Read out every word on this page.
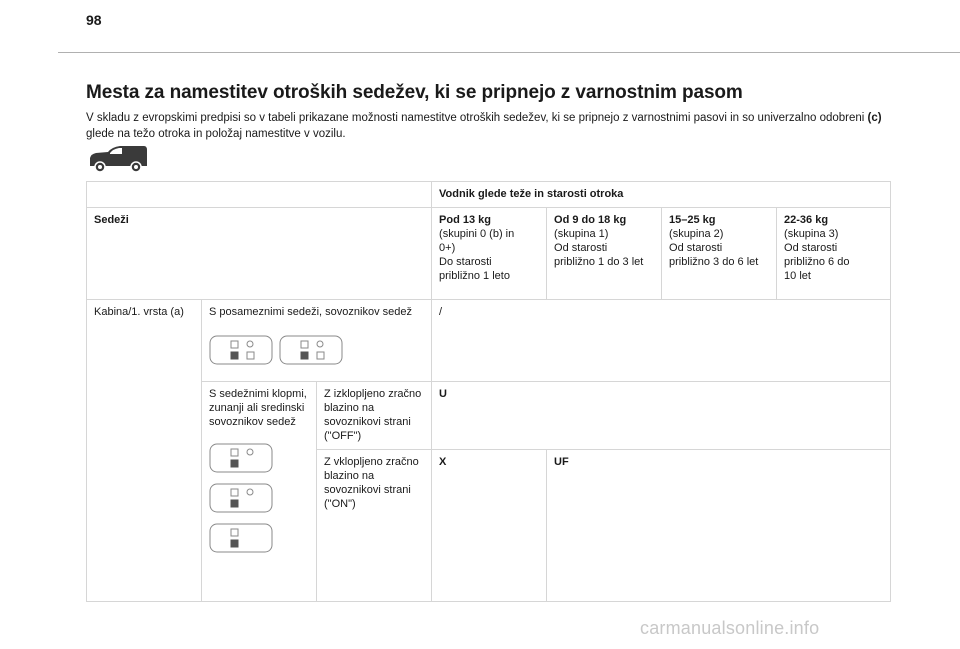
98
Mesta za namestitev otroških sedežev, ki se pripnejo z varnostnim pasom
V skladu z evropskimi predpisi so v tabeli prikazane možnosti namestitve otroških sedežev, ki se pripnejo z varnostnimi pasovi in so univerzalno odobreni (c) glede na težo otroka in položaj namestitve v vozilu.
			Vodnik glede teže in starosti otroka			
Sedeži			Pod 13 kg
(skupini 0 (b) in
0+)
Do starosti
približno 1 leto	Od 9 do 18 kg
(skupina 1)
Od starosti
približno 1 do 3 let	15–25 kg
(skupina 2)
Od starosti
približno 3 do 6 let	22-36 kg
(skupina 3)
Od starosti
približno 6 do
10 let

Kabina/1. vrsta (a)	S posameznimi sedeži, sovoznikov sedež		/			
	S sedežnimi klopmi, zunanji ali sredinski sovoznikov sedež	Z izklopljeno zračno blazino na sovoznikovi strani ("OFF")	U			
		Z vklopljeno zračno blazino na sovoznikovi strani ("ON")	X	UF		
carmanualsonline.info
